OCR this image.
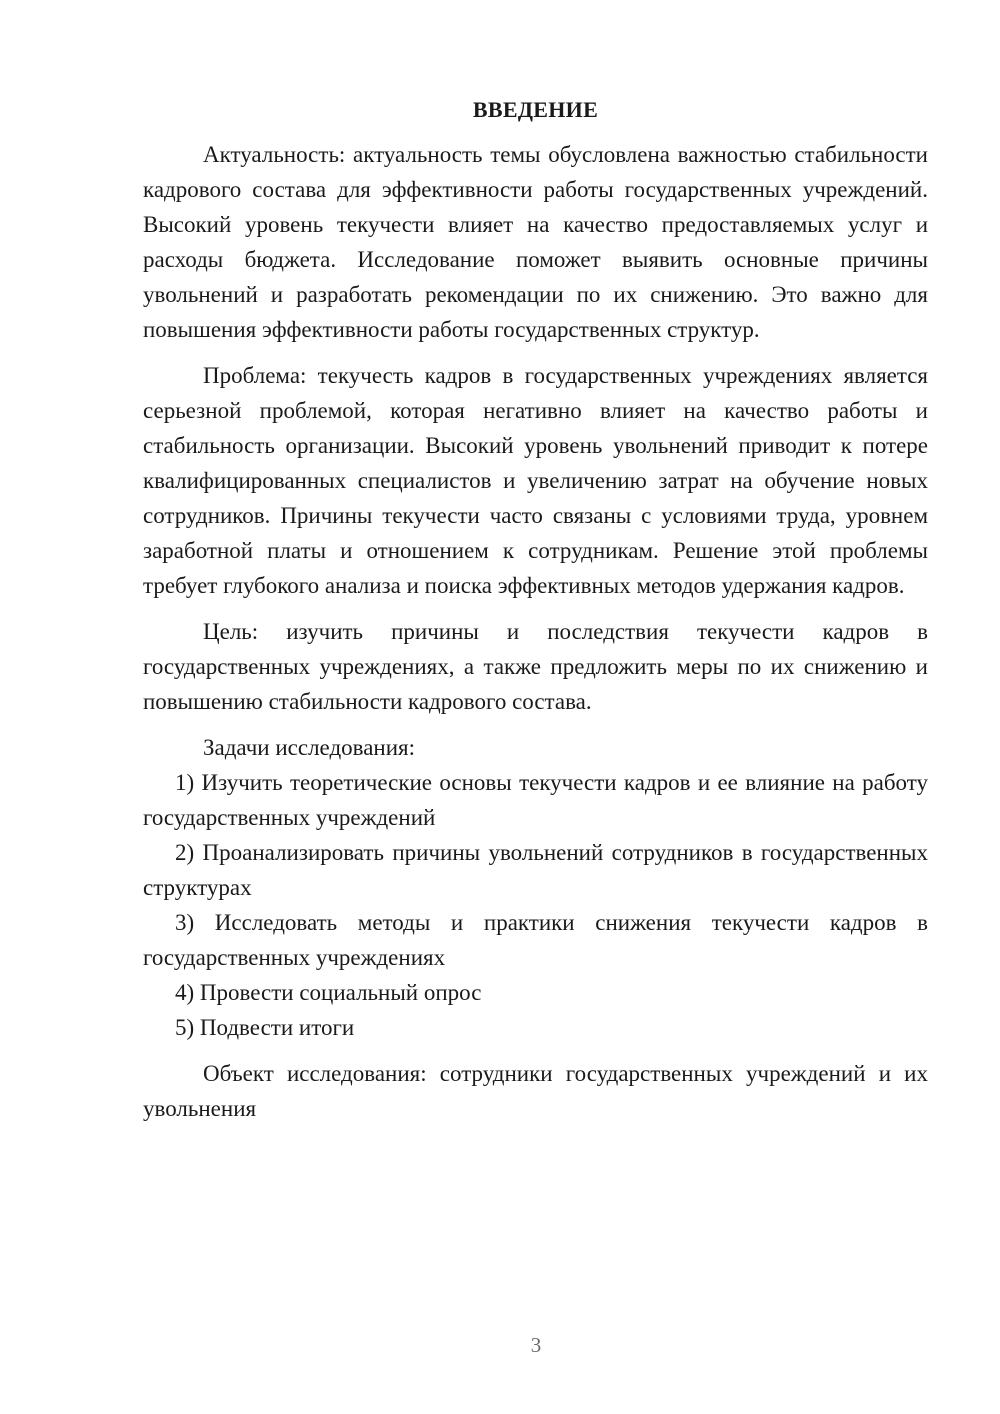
ВВЕДЕНИЕ

Актуальность: актуальность темы обусловлена важностью стабильности кадрового состава для эффективности работы государственных учреждений. Высокий уровень текучести влияет на качество предоставляемых услуг и расходы бюджета. Исследование поможет выявить основные причины увольнений и разработать рекомендации по их снижению. Это важно для повышения эффективности работы государственных структур.

Проблема: текучесть кадров в государственных учреждениях является серьезной проблемой, которая негативно влияет на качество работы и стабильность организации. Высокий уровень увольнений приводит к потере квалифицированных специалистов и увеличению затрат на обучение новых сотрудников. Причины текучести часто связаны с условиями труда, уровнем заработной платы и отношением к сотрудникам. Решение этой проблемы требует глубокого анализа и поиска эффективных методов удержания кадров.

Цель: изучить причины и последствия текучести кадров в государственных учреждениях, а также предложить меры по их снижению и повышению стабильности кадрового состава.

Задачи исследования:

1) Изучить теоретические основы текучести кадров и ее влияние на работу государственных учреждений

2) Проанализировать причины увольнений сотрудников в государственных структурах

3) Исследовать методы и практики снижения текучести кадров в государственных учреждениях

4) Провести социальный опрос

5) Подвести итоги

Объект исследования: сотрудники государственных учреждений и их увольнения

3
